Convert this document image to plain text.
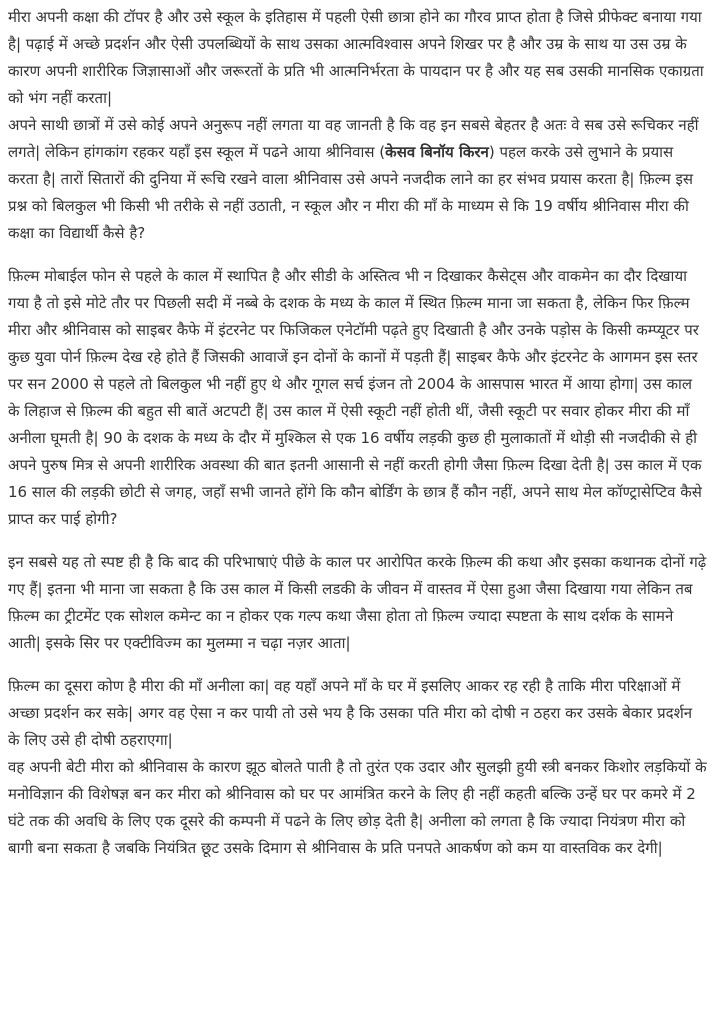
मीरा अपनी कक्षा की टॉपर है और उसे स्कूल के इतिहास में पहली ऐसी छात्रा होने का गौरव प्राप्त होता है जिसे प्रीफेक्ट बनाया गया है| पढ़ाई में अच्छे प्रदर्शन और ऐसी उपलब्धियों के साथ उसका आत्मविश्वास अपने शिखर पर है और उम्र के साथ या उस उम्र के कारण अपनी शारीरिक जिज्ञासाओं और जरूरतों के प्रति भी आत्मनिर्भरता के पायदान पर है और यह सब उसकी मानसिक एकाग्रता को भंग नहीं करता|

अपने साथी छात्रों में उसे कोई अपने अनुरूप नहीं लगता या वह जानती है कि वह इन सबसे बेहतर है अतः वे सब उसे रूचिकर नहीं लगते| लेकिन हांगकांग रहकर यहाँ इस स्कूल में पढने आया श्रीनिवास (केसव बिनॉय किरन) पहल करके उसे लुभाने के प्रयास करता है| तारों सितारों की दुनिया में रूचि रखने वाला श्रीनिवास उसे अपने नजदीक लाने का हर संभव प्रयास करता है| फ़िल्म इस प्रश्न को बिलकुल भी किसी भी तरीके से नहीं उठाती, न स्कूल और न मीरा की माँ के माध्यम से कि 19 वर्षीय श्रीनिवास मीरा की कक्षा का विद्यार्थी कैसे है?

फ़िल्म मोबाईल फोन से पहले के काल में स्थापित है और सीडी के अस्तित्व भी न दिखाकर कैसेट्स और वाकमेन का दौर दिखाया गया है तो इसे मोटे तौर पर पिछली सदी में नब्बे के दशक के मध्य के काल में स्थित फ़िल्म माना जा सकता है, लेकिन फिर फ़िल्म मीरा और श्रीनिवास को साइबर कैफे में इंटरनेट पर फिजिकल एनेटॉमी पढ़ते हुए दिखाती है और उनके पड़ोस के किसी कम्प्यूटर पर कुछ युवा पोर्न फ़िल्म देख रहे होते हैं जिसकी आवाजें इन दोनों के कानों में पड़ती हैं| साइबर कैफे और इंटरनेट के आगमन इस स्तर पर सन 2000 से पहले तो बिलकुल भी नहीं हुए थे और गूगल सर्च इंजन तो 2004 के आसपास भारत में आया होगा| उस काल के लिहाज से फ़िल्म की बहुत सी बातें अटपटी हैं| उस काल में ऐसी स्कूटी नहीं होती थीं, जैसी स्कूटी पर सवार होकर मीरा की माँ अनीला घूमती है| 90 के दशक के मध्य के दौर में मुश्किल से एक 16 वर्षीय लड़की कुछ ही मुलाकातों में थोड़ी सी नजदीकी से ही अपने पुरुष मित्र से अपनी शारीरिक अवस्था की बात इतनी आसानी से नहीं करती होगी जैसा फ़िल्म दिखा देती है| उस काल में एक 16 साल की लड़की छोटी से जगह, जहाँ सभी जानते होंगे कि कौन बोर्डिंग के छात्र हैं कौन नहीं, अपने साथ मेल कॉण्ट्रासेप्टिव कैसे प्राप्त कर पाई होगी?

इन सबसे यह तो स्पष्ट ही है कि बाद की परिभाषाएं पीछे के काल पर आरोपित करके फ़िल्म की कथा और इसका कथानक दोनों गढ़े गए हैं| इतना भी माना जा सकता है कि उस काल में किसी लडकी के जीवन में वास्तव में ऐसा हुआ जैसा दिखाया गया लेकिन तब फ़िल्म का ट्रीटमेंट एक सोशल कमेन्ट का न होकर एक गल्प कथा जैसा होता तो फ़िल्म ज्यादा स्पष्टता के साथ दर्शक के सामने आती| इसके सिर पर एक्टीविज्म का मुलम्मा न चढ़ा नज़र आता|

फ़िल्म का दूसरा कोण है मीरा की माँ अनीला का| वह यहाँ अपने माँ के घर में इसलिए आकर रह रही है ताकि मीरा परिक्षाओं में अच्छा प्रदर्शन कर सके| अगर वह ऐसा न कर पायी तो उसे भय है कि उसका पति मीरा को दोषी न ठहरा कर उसके बेकार प्रदर्शन के लिए उसे ही दोषी ठहराएगा|

वह अपनी बेटी मीरा को श्रीनिवास के कारण झूठ बोलते पाती है तो तुरंत एक उदार और सुलझी हुयी स्त्री बनकर किशोर लड़कियों के मनोविज्ञान की विशेषज्ञ बन कर मीरा को श्रीनिवास को घर पर आमंत्रित करने के लिए ही नहीं कहती बल्कि उन्हें घर पर कमरे में 2 घंटे तक की अवधि के लिए एक दूसरे की कम्पनी में पढने के लिए छोड़ देती है| अनीला को लगता है कि ज्यादा नियंत्रण मीरा को बागी बना सकता है जबकि नियंत्रित छूट उसके दिमाग से श्रीनिवास के प्रति पनपते आकर्षण को कम या वास्तविक कर देगी|
